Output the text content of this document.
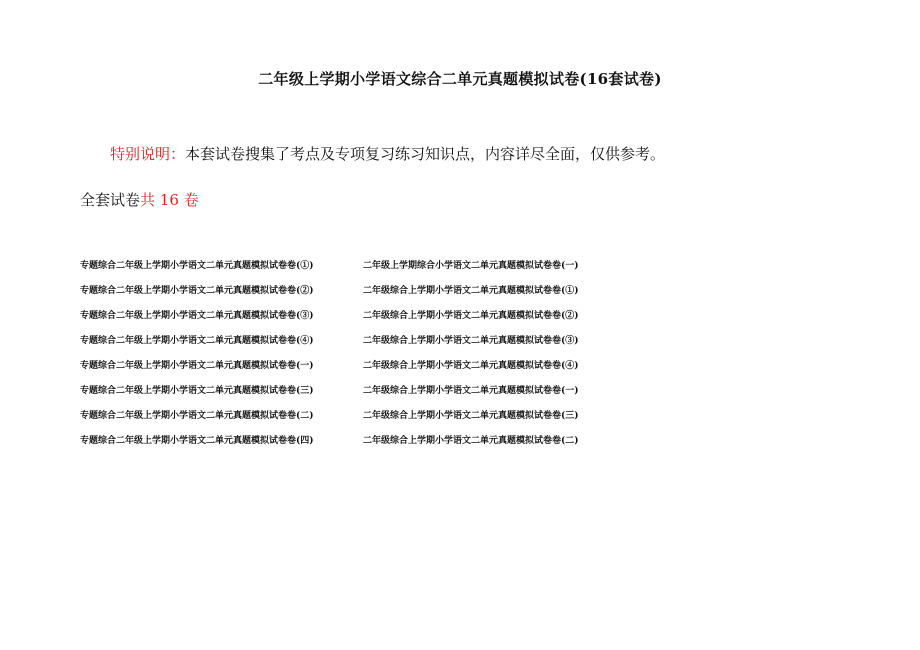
二年级上学期小学语文综合二单元真题模拟试卷(16套试卷)
特别说明：本套试卷搜集了考点及专项复习练习知识点，内容详尽全面，仅供参考。
全套试卷共 16 卷
专题综合二年级上学期小学语文二单元真题模拟试卷卷(①)
专题综合二年级上学期小学语文二单元真题模拟试卷卷(②)
专题综合二年级上学期小学语文二单元真题模拟试卷卷(③)
专题综合二年级上学期小学语文二单元真题模拟试卷卷(④)
专题综合二年级上学期小学语文二单元真题模拟试卷卷(一)
专题综合二年级上学期小学语文二单元真题模拟试卷卷(三)
专题综合二年级上学期小学语文二单元真题模拟试卷卷(二)
专题综合二年级上学期小学语文二单元真题模拟试卷卷(四)
二年级上学期综合小学语文二单元真题模拟试卷卷(一)
二年级综合上学期小学语文二单元真题模拟试卷卷(①)
二年级综合上学期小学语文二单元真题模拟试卷卷(②)
二年级综合上学期小学语文二单元真题模拟试卷卷(③)
二年级综合上学期小学语文二单元真题模拟试卷卷(④)
二年级综合上学期小学语文二单元真题模拟试卷卷(一)
二年级综合上学期小学语文二单元真题模拟试卷卷(三)
二年级综合上学期小学语文二单元真题模拟试卷卷(二)
